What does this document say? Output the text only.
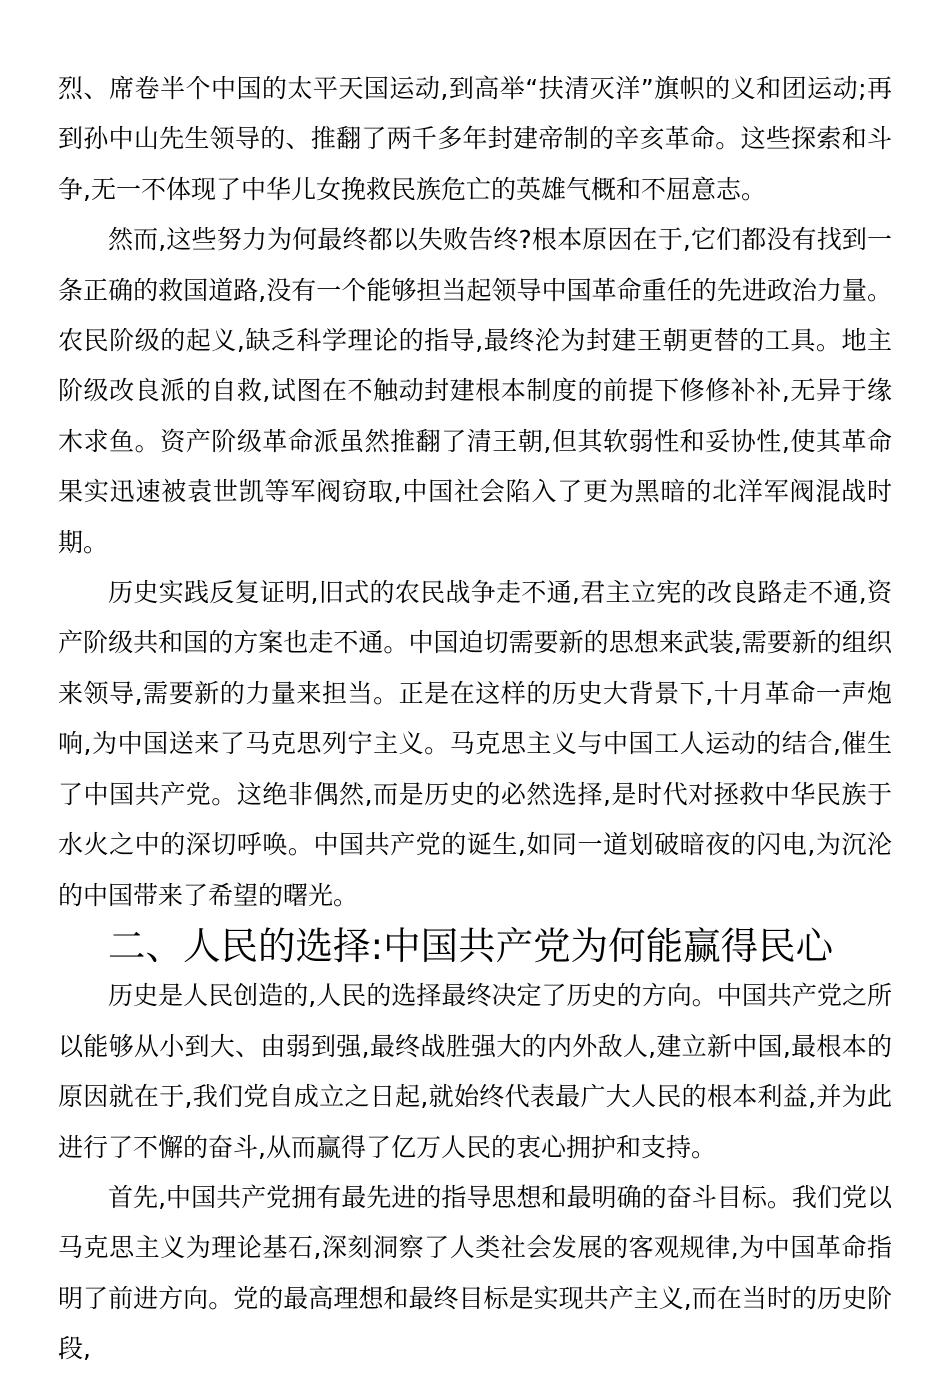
烈、席卷半个中国的太平天国运动,到高举“扶清灭洋”旗帜的义和团运动;再到孙中山先生领导的、推翻了两千多年封建帝制的辛亥革命。这些探索和斗争,无一不体现了中华儿女挽救民族危亡的英雄气概和不屈意志。

然而,这些努力为何最终都以失败告终?根本原因在于,它们都没有找到一条正确的救国道路,没有一个能够担当起领导中国革命重任的先进政治力量。农民阶级的起义,缺乏科学理论的指导,最终沦为封建王朝更替的工具。地主阶级改良派的自救,试图在不触动封建根本制度的前提下修修补补,无异于缘木求鱼。资产阶级革命派虽然推翻了清王朝,但其软弱性和妥协性,使其革命果实迅速被袁世凯等军阀窃取,中国社会陷入了更为黑暗的北洋军阀混战时期。

历史实践反复证明,旧式的农民战争走不通,君主立宪的改良路走不通,资产阶级共和国的方案也走不通。中国迫切需要新的思想来武装,需要新的组织来领导,需要新的力量来担当。正是在这样的历史大背景下,十月革命一声炮响,为中国送来了马克思列宁主义。马克思主义与中国工人运动的结合,催生了中国共产党。这绝非偶然,而是历史的必然选择,是时代对拯救中华民族于水火之中的深切呼唤。中国共产党的诞生,如同一道划破暗夜的闪电,为沉沦的中国带来了希望的曙光。

二、人民的选择:中国共产党为何能赢得民心

历史是人民创造的,人民的选择最终决定了历史的方向。中国共产党之所以能够从小到大、由弱到强,最终战胜强大的内外敌人,建立新中国,最根本的原因就在于,我们党自成立之日起,就始终代表最广大人民的根本利益,并为此进行了不懈的奋斗,从而赢得了亿万人民的衷心拥护和支持。

首先,中国共产党拥有最先进的指导思想和最明确的奋斗目标。我们党以马克思主义为理论基石,深刻洞察了人类社会发展的客观规律,为中国革命指明了前进方向。党的最高理想和最终目标是实现共产主义,而在当时的历史阶段,
